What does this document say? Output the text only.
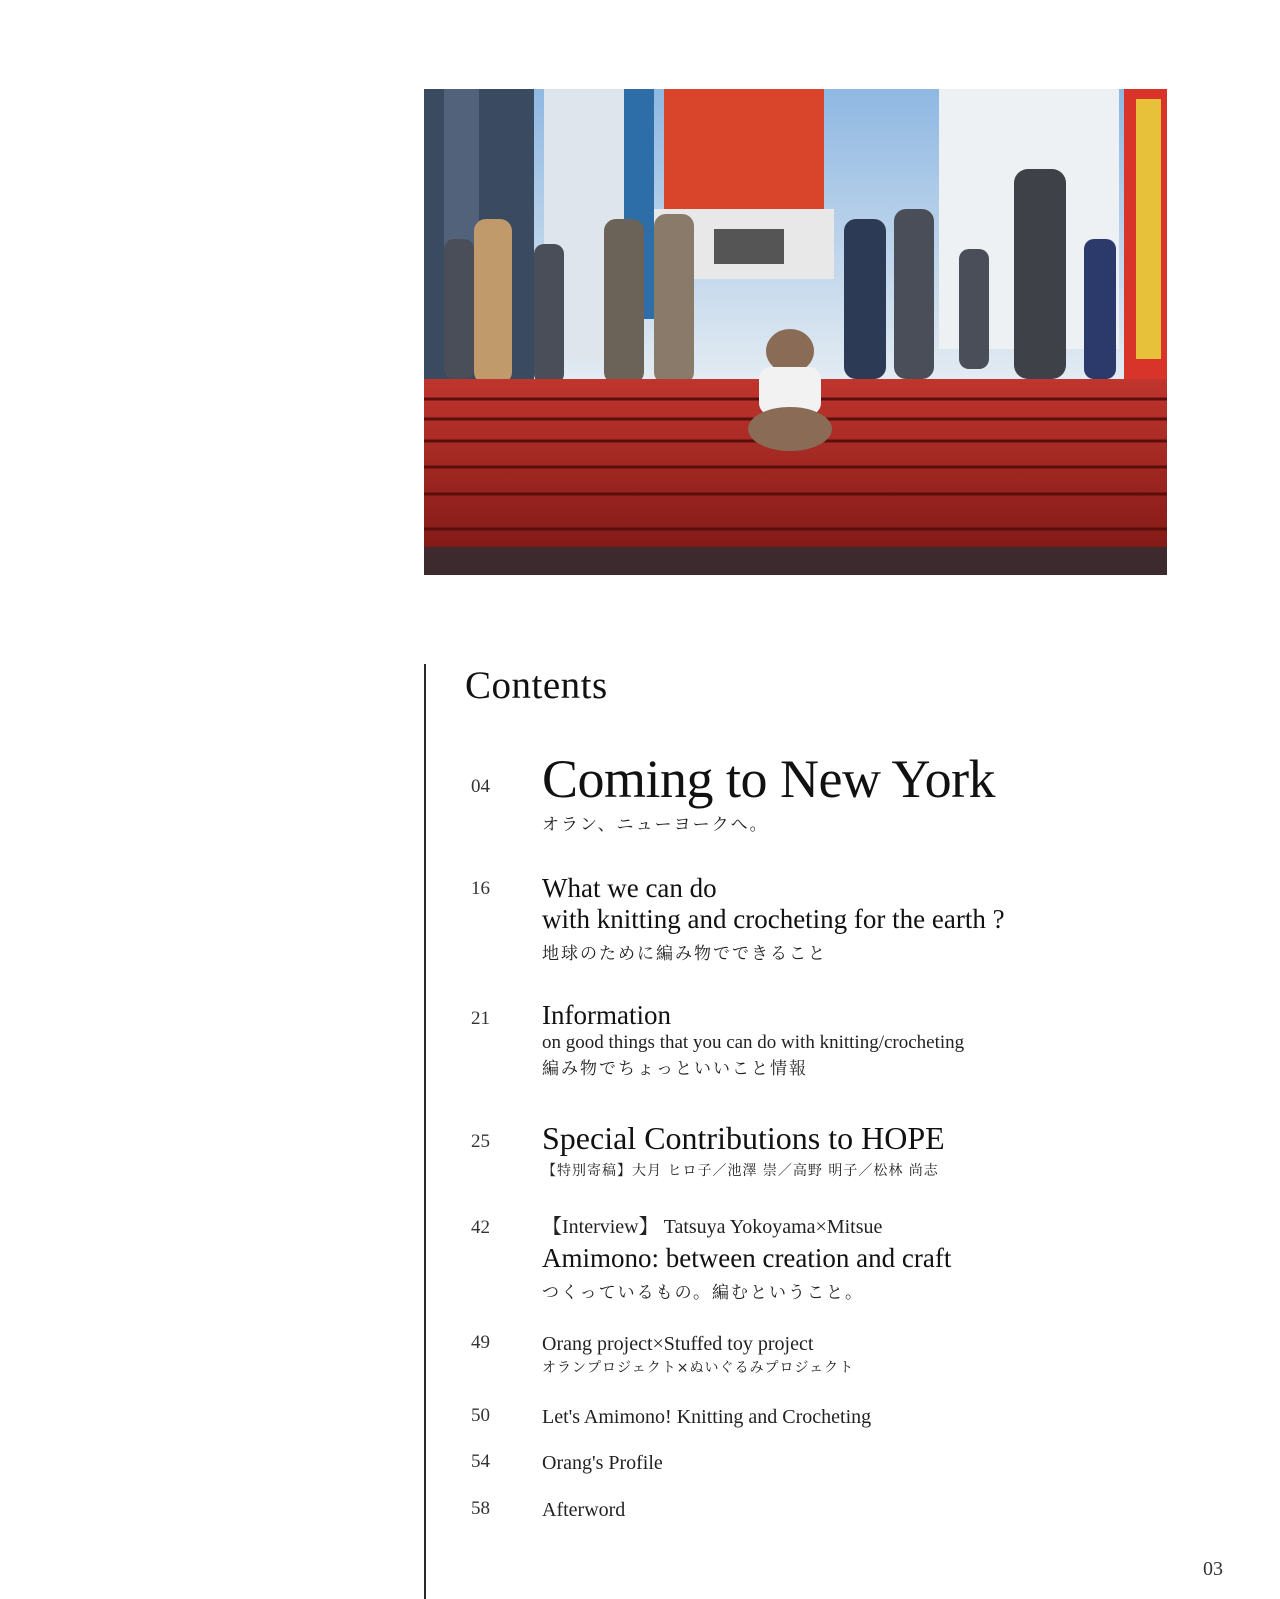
Contents
04 Coming to New York
オラン、ニューヨークへ。
16 What we can do
with knitting and crocheting for the earth ?
地球のために編み物でできること
21 Information
on good things that you can do with knitting/crocheting
編み物でちょっといいこと情報
25 Special Contributions to HOPE
【特別寄稿】大月 ヒロ子／池澤 崇／高野 明子／松林 尚志
42	【Interview】 Tatsuya Yokoyama×Mitsue
Amimono: between creation and craft
つくっているもの。編むということ。
49	Orang project×Stuffed toy project
オランプロジェクト×ぬいぐるみプロジェクト
50	Let's Amimono! Knitting and Crocheting
54	Orang's Profile
58	Afterword
03
